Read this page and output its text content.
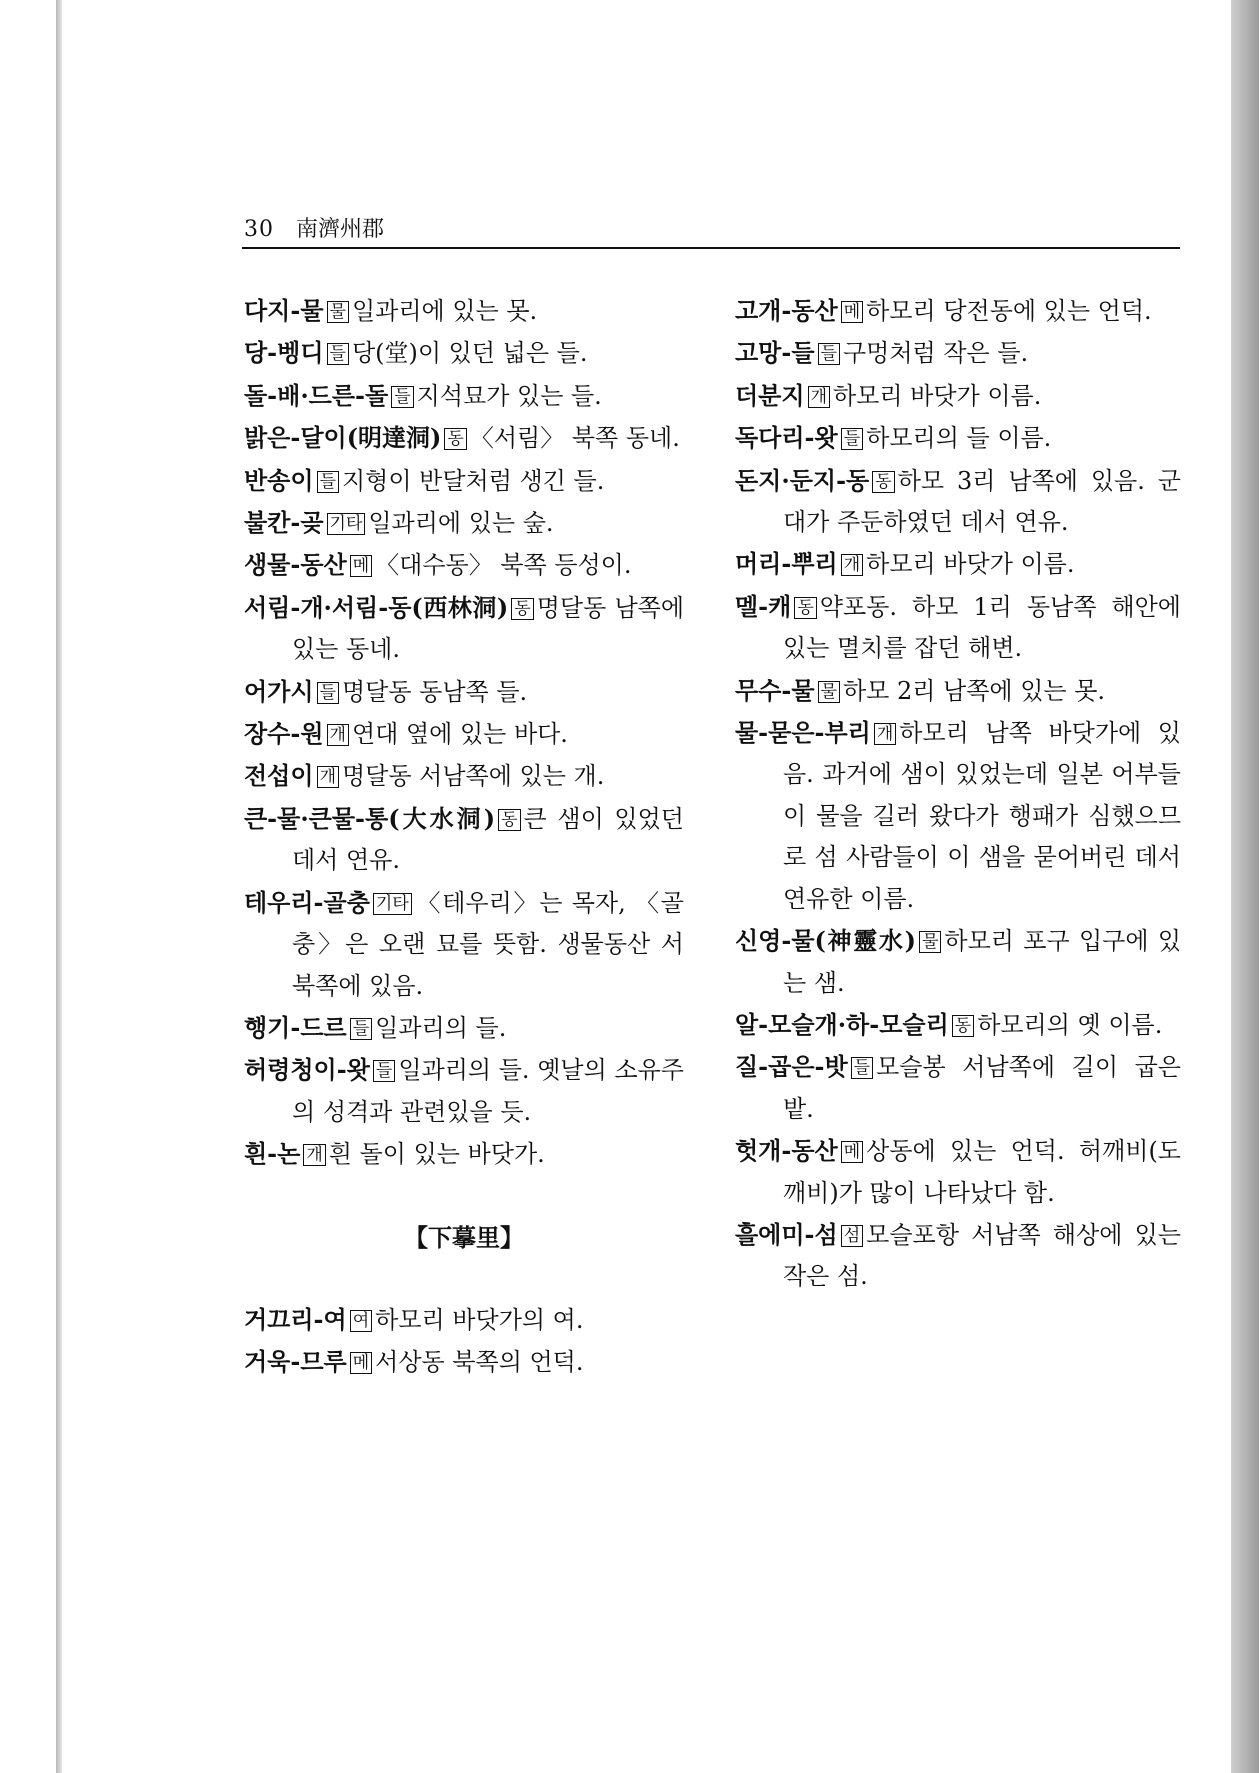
30 南濟州郡

다지-물 물 일과리에 있는 못.

당-벵디 들 당(堂)이 있던 넓은 들.

돌-배·드른-돌 들 지석묘가 있는 들.

밝은-달이(明達洞) 동 〈서림〉 북쪽 동네.

반송이 들 지형이 반달처럼 생긴 들.

불칸-곶 기타 일과리에 있는 숲.

생물-동산 메 〈대수동〉 북쪽 등성이.

서림-개·서림-동(西林洞) 동 명달동 남쪽에 있는 동네.

어가시 들 명달동 동남쪽 들.

장수-원 개 연대 옆에 있는 바다.

전섭이 개 명달동 서남쪽에 있는 개.

큰-물·큰물-통(大水洞) 동 큰 샘이 있었던 데서 연유.

테우리-골충 기타 〈테우리〉는 목자, 〈골충〉은 오랜 묘를 뜻함. 생물동산 서북쪽에 있음.

행기-드르 들 일과리의 들.

허령청이-왓 들 일과리의 들. 옛날의 소유주의 성격과 관련있을 듯.

흰-논 개 흰 돌이 있는 바닷가.

【下摹里】

거끄리-여 여 하모리 바닷가의 여.

거욱-므루 메 서상동 북쪽의 언덕.

고개-동산 메 하모리 당전동에 있는 언덕.

고망-들 들 구멍처럼 작은 들.

더분지 개 하모리 바닷가 이름.

독다리-왓 들 하모리의 들 이름.

돈지·둔지-동 동 하모 3리 남쪽에 있음. 군대가 주둔하였던 데서 연유.

머리-뿌리 개 하모리 바닷가 이름.

멜-캐 동 약포동. 하모 1리 동남쪽 해안에 있는 멸치를 잡던 해변.

무수-물 물 하모 2리 남쪽에 있는 못.

물-묻은-부리 개 하모리 남쪽 바닷가에 있음. 과거에 샘이 있었는데 일본 어부들이 물을 길러 왔다가 행패가 심했으므로 섬 사람들이 이 샘을 묻어버린 데서 연유한 이름.

신영-물(神靈水) 물 하모리 포구 입구에 있는 샘.

알-모슬개·하-모슬리 동 하모리의 옛 이름.

질-곱은-밧 들 모슬봉 서남쪽에 길이 굽은 밭.

헛개-동산 메 상동에 있는 언덕. 허깨비(도깨비)가 많이 나타났다 함.

흘에미-섬 섬 모슬포항 서남쪽 해상에 있는 작은 섬.
